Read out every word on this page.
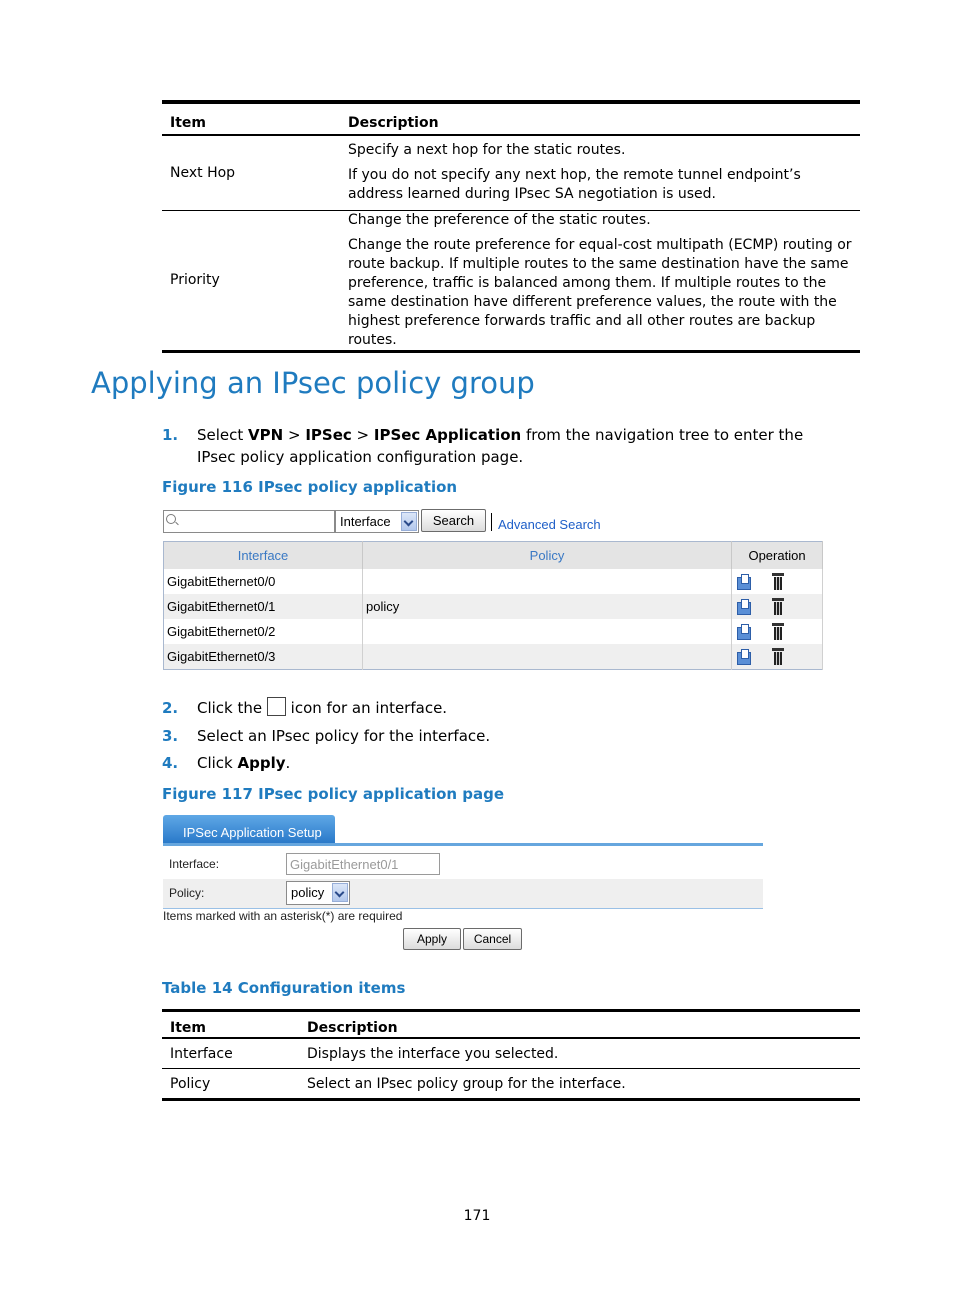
Item	Description
Next Hop	Specify a next hop for the static routes.

If you do not specify any next hop, the remote tunnel endpoint’s address learned during IPsec SA negotiation is used.

Priority	Change the preference of the static routes.

Change the route preference for equal-cost multipath (ECMP) routing or route backup. If multiple routes to the same destination have the same preference, traffic is balanced among them. If multiple routes to the same destination have different preference values, the route with the highest preference forwards traffic and all other routes are backup routes.

Applying an IPsec policy group
1. Select VPN > IPSec > IPSec Application from the navigation tree to enter the IPsec policy application configuration page.
Figure 116 IPsec policy application
Interface	Search	Advanced Search
Interface	Policy	Operation
GigabitEthernet0/0		
GigabitEthernet0/1	policy	
GigabitEthernet0/2		
GigabitEthernet0/3		
2. Click the  icon for an interface.
3. Select an IPsec policy for the interface.
4. Click Apply.
Figure 117 IPsec policy application page
IPSec Application Setup
Interface:	GigabitEthernet0/1
Policy:	policy
Items marked with an asterisk(*) are required
Apply	Cancel
Table 14 Configuration items
Item	Description
Interface	Displays the interface you selected.
Policy	Select an IPsec policy group for the interface.
171
